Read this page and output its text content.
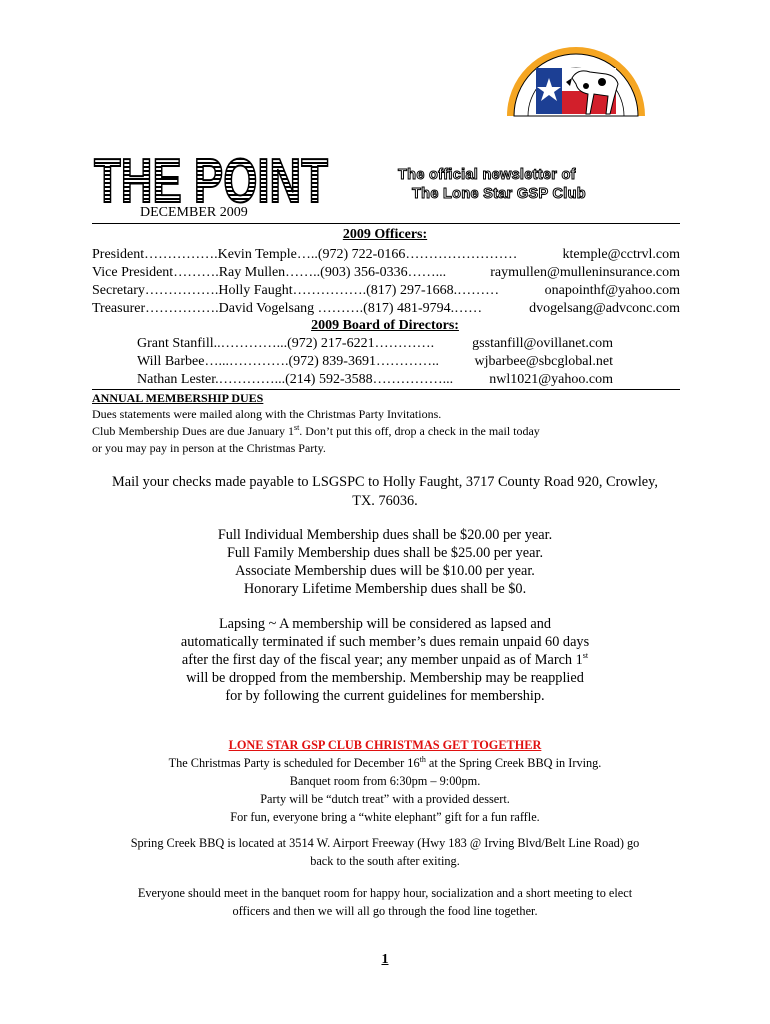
THE POINT	The official newsletter of
The Lone Star GSP Club
DECEMBER 2009
2009 Officers:
President…………….Kevin Temple…..(972) 722-0166……………………	ktemple@cctrvl.com
Vice President……….Ray Mullen……..(903) 356-0336……...	raymullen@mulleninsurance.com
Secretary…………….Holly Faught…………….(817) 297-1668.………	onapointhf@yahoo.com
Treasurer…………….David Vogelsang ……….(817) 481-9794.……	dvogelsang@advconc.com
2009 Board of Directors:
Grant Stanfill..…………...(972) 217-6221………….	gsstanfill@ovillanet.com
Will Barbee…...………….(972) 839-3691…………..	wjbarbee@sbcglobal.net
Nathan Lester.…………...(214) 592-3588……………...	nwl1021@yahoo.com
ANNUAL MEMBERSHIP DUES
Dues statements were mailed along with the Christmas Party Invitations.
Club Membership Dues are due January 1st. Don’t put this off, drop a check in the mail today
or you may pay in person at the Christmas Party.
Mail your checks made payable to LSGSPC to Holly Faught, 3717 County Road 920, Crowley,
TX. 76036.
Full Individual Membership dues shall be $20.00 per year.
Full Family Membership dues shall be $25.00 per year.
Associate Membership dues will be $10.00 per year.
Honorary Lifetime Membership dues shall be $0.
Lapsing ~ A membership will be considered as lapsed and
automatically terminated if such member’s dues remain unpaid 60 days
after the first day of the fiscal year; any member unpaid as of March 1st
will be dropped from the membership. Membership may be reapplied
for by following the current guidelines for membership.
LONE STAR GSP CLUB CHRISTMAS GET TOGETHER
The Christmas Party is scheduled for December 16th at the Spring Creek BBQ in Irving.
Banquet room from 6:30pm – 9:00pm.
Party will be “dutch treat” with a provided dessert.
For fun, everyone bring a “white elephant” gift for a fun raffle.
Spring Creek BBQ is located at 3514 W. Airport Freeway (Hwy 183 @ Irving Blvd/Belt Line Road) go
back to the south after exiting.
Everyone should meet in the banquet room for happy hour, socialization and a short meeting to elect
officers and then we will all go through the food line together.
1
